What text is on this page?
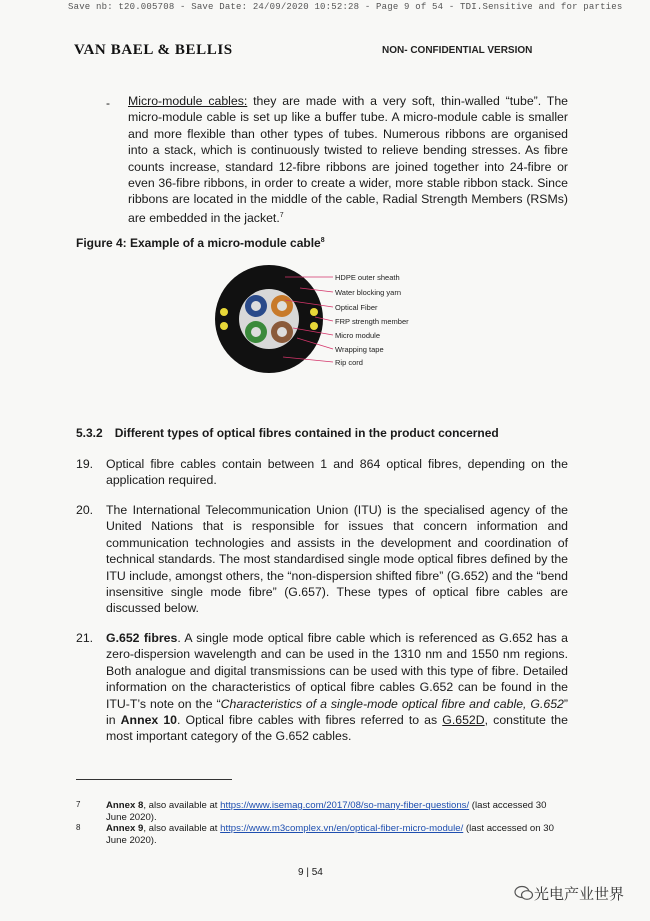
Save nb: t20.005708 - Save Date: 24/09/2020 10:52:28 - Page 9 of 54 - TDI.Sensitive and for parties
VAN BAEL & BELLIS	NON- CONFIDENTIAL VERSION
- Micro-module cables: they are made with a very soft, thin-walled “tube”. The micro-module cable is set up like a buffer tube. A micro-module cable is smaller and more flexible than other types of tubes. Numerous ribbons are organised into a stack, which is continuously twisted to relieve bending stresses. As fibre counts increase, standard 12-fibre ribbons are joined together into 24-fibre or even 36-fibre ribbons, in order to create a wider, more stable ribbon stack. Since ribbons are located in the middle of the cable, Radial Strength Members (RSMs) are embedded in the jacket.$^7$
Figure 4: Example of a micro-module cable$^8$
HDPE outer sheath
Water blocking yarn
Optical Fiber
FRP strength member
Micro module
Wrapping tape
Rip cord
5.3.2 Different types of optical fibres contained in the product concerned
19. Optical fibre cables contain between 1 and 864 optical fibres, depending on the application required.
20. The International Telecommunication Union (ITU) is the specialised agency of the United Nations that is responsible for issues that concern information and communication technologies and assists in the development and coordination of technical standards. The most standardised single mode optical fibres defined by the ITU include, amongst others, the “non-dispersion shifted fibre” (G.652) and the “bend insensitive single mode fibre” (G.657). These types of optical fibre cables are discussed below.
21. G.652 fibres. A single mode optical fibre cable which is referenced as G.652 has a zero-dispersion wavelength and can be used in the 1310 nm and 1550 nm regions. Both analogue and digital transmissions can be used with this type of fibre. Detailed information on the characteristics of optical fibre cables G.652 can be found in the ITU-T’s note on the “Characteristics of a single-mode optical fibre and cable, G.652” in Annex 10. Optical fibre cables with fibres referred to as G.652D, constitute the most important category of the G.652 cables.
7	Annex 8, also available at https://www.isemag.com/2017/08/so-many-fiber-questions/ (last accessed 30 June 2020).
8	Annex 9, also available at https://www.m3complex.vn/en/optical-fiber-micro-module/ (last accessed on 30 June 2020).
9 | 54
光电产业世界
